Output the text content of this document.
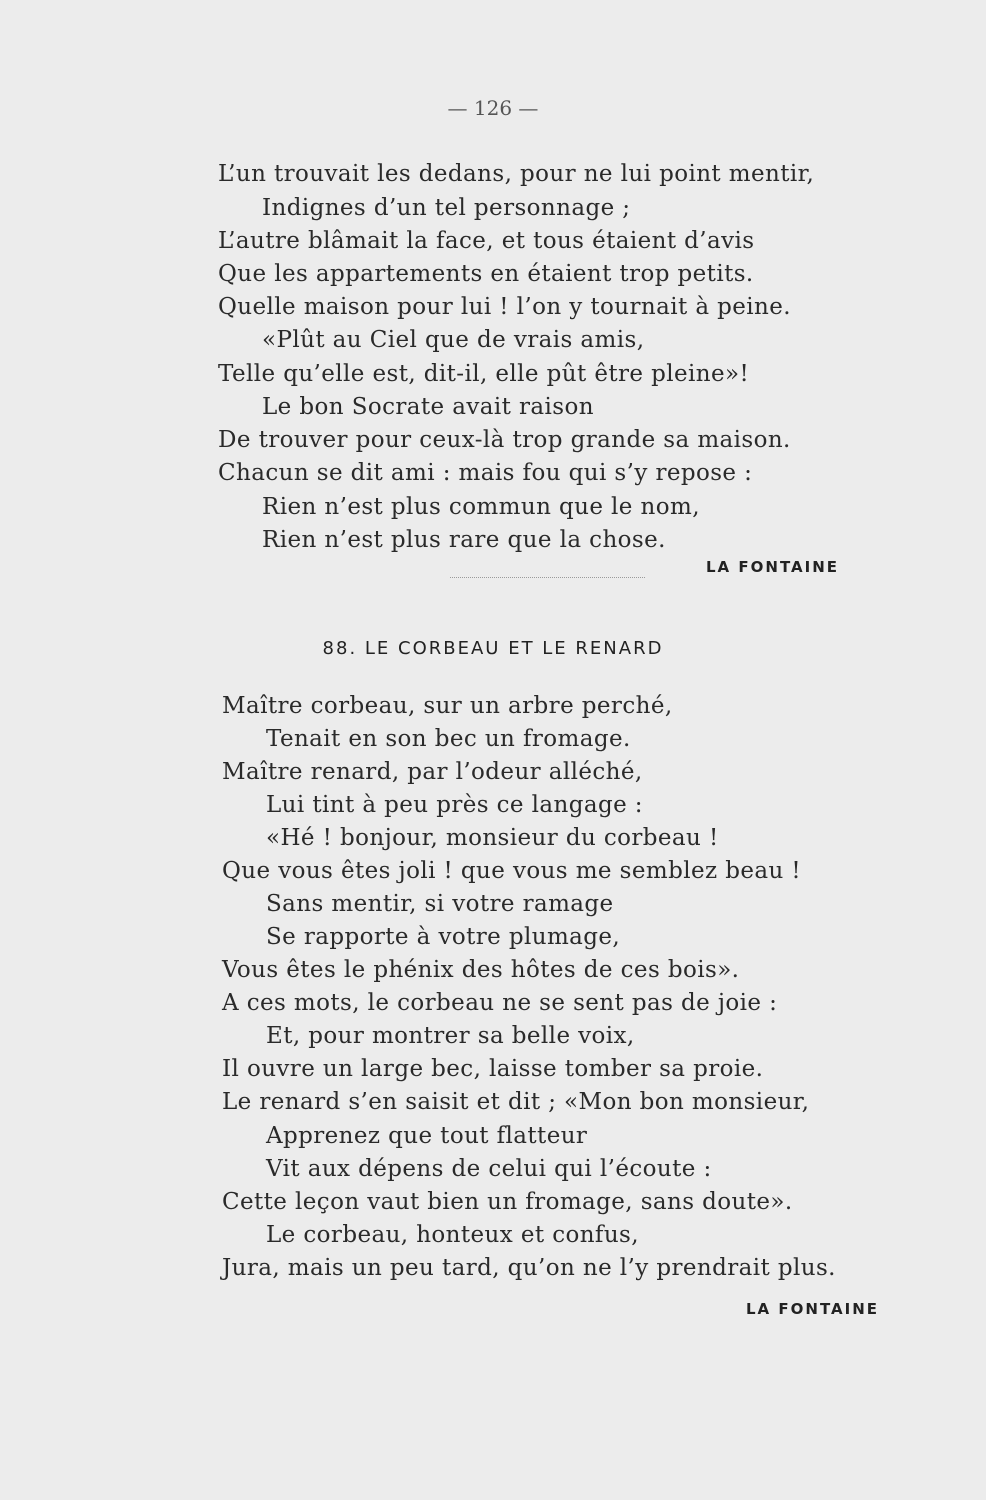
— 126 —
L’un trouvait les dedans, pour ne lui point mentir,
Indignes d’un tel personnage ;
L’autre blâmait la face, et tous étaient d’avis
Que les appartements en étaient trop petits.
Quelle maison pour lui ! l’on y tournait à peine.
«Plût au Ciel que de vrais amis,
Telle qu’elle est, dit-il, elle pût être pleine»!
Le bon Socrate avait raison
De trouver pour ceux-là trop grande sa maison.
Chacun se dit ami : mais fou qui s’y repose :
Rien n’est plus commun que le nom,
Rien n’est plus rare que la chose.
LA FONTAINE
88. LE CORBEAU ET LE RENARD
Maître corbeau, sur un arbre perché,
Tenait en son bec un fromage.
Maître renard, par l’odeur alléché,
Lui tint à peu près ce langage :
«Hé ! bonjour, monsieur du corbeau !
Que vous êtes joli ! que vous me semblez beau !
Sans mentir, si votre ramage
Se rapporte à votre plumage,
Vous êtes le phénix des hôtes de ces bois».
A ces mots, le corbeau ne se sent pas de joie :
Et, pour montrer sa belle voix,
Il ouvre un large bec, laisse tomber sa proie.
Le renard s’en saisit et dit ; «Mon bon monsieur,
Apprenez que tout flatteur
Vit aux dépens de celui qui l’écoute :
Cette leçon vaut bien un fromage, sans doute».
Le corbeau, honteux et confus,
Jura, mais un peu tard, qu’on ne l’y prendrait plus.
LA FONTAINE
